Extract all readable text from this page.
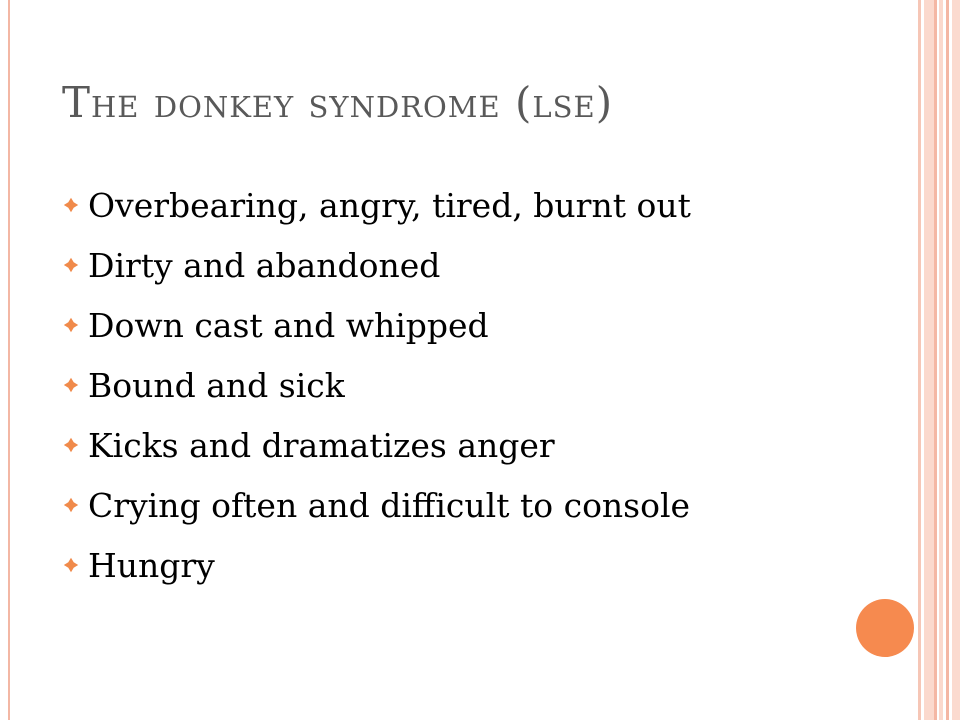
The donkey syndrome (lse)
Overbearing, angry, tired, burnt out
Dirty and abandoned
Down cast and whipped
Bound and sick
Kicks and dramatizes anger
Crying often and difficult to console
Hungry
